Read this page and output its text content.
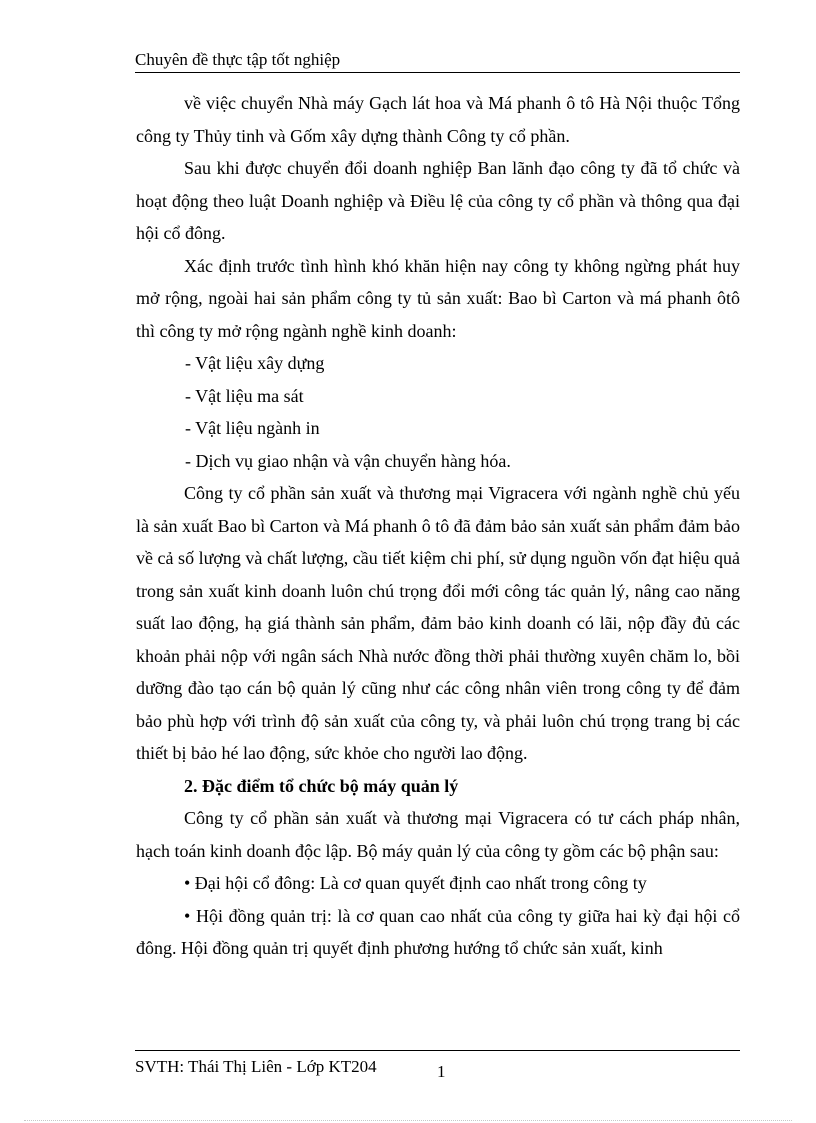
Chuyên đề thực tập tốt nghiệp

về việc chuyển Nhà máy Gạch lát hoa và Má phanh ô tô Hà Nội thuộc Tổng công ty Thủy tinh và Gốm xây dựng thành Công ty cổ phần.

Sau khi được chuyển đổi doanh nghiệp Ban lãnh đạo công ty đã tổ chức và hoạt động theo luật Doanh nghiệp và Điều lệ của công ty cổ phần và thông qua đại hội cổ đông.

Xác định trước tình hình khó khăn hiện nay công ty không ngừng phát huy mở rộng, ngoài hai sản phẩm công ty tủ sản xuất: Bao bì Carton và má phanh ôtô thì công ty mở rộng ngành nghề kinh doanh:

- Vật liệu xây dựng

- Vật liệu ma sát

- Vật liệu ngành in

- Dịch vụ giao nhận và vận chuyển hàng hóa.

Công ty cổ phần sản xuất và thương mại Vigracera với ngành nghề chủ yếu là sản xuất Bao bì Carton và Má phanh ô tô đã đảm bảo sản xuất sản phẩm đảm bảo về cả số lượng và chất lượng, cầu tiết kiệm chi phí, sử dụng nguồn vốn đạt hiệu quả trong sản xuất kinh doanh luôn chú trọng đổi mới công tác quản lý, nâng cao năng suất lao động, hạ giá thành sản phẩm, đảm bảo kinh doanh có lãi, nộp đầy đủ các khoản phải nộp với ngân sách Nhà nước đồng thời phải thường xuyên chăm lo, bồi dưỡng đào tạo cán bộ quản lý cũng như các công nhân viên trong công ty để đảm bảo phù hợp với trình độ sản xuất của công ty, và phải luôn chú trọng trang bị các thiết bị bảo hé lao động, sức khỏe cho người lao động.

2. Đặc điểm tổ chức bộ máy quản lý

Công ty cổ phần sản xuất và thương mại Vigracera có tư cách pháp nhân, hạch toán kinh doanh độc lập. Bộ máy quản lý của công ty gồm các bộ phận sau:

• Đại hội cổ đông: Là cơ quan quyết định cao nhất trong công ty

• Hội đồng quản trị: là cơ quan cao nhất của công ty giữa hai kỳ đại hội cổ đông. Hội đồng quản trị quyết định phương hướng tổ chức sản xuất, kinh

SVTH: Thái Thị Liên - Lớp KT204	1
